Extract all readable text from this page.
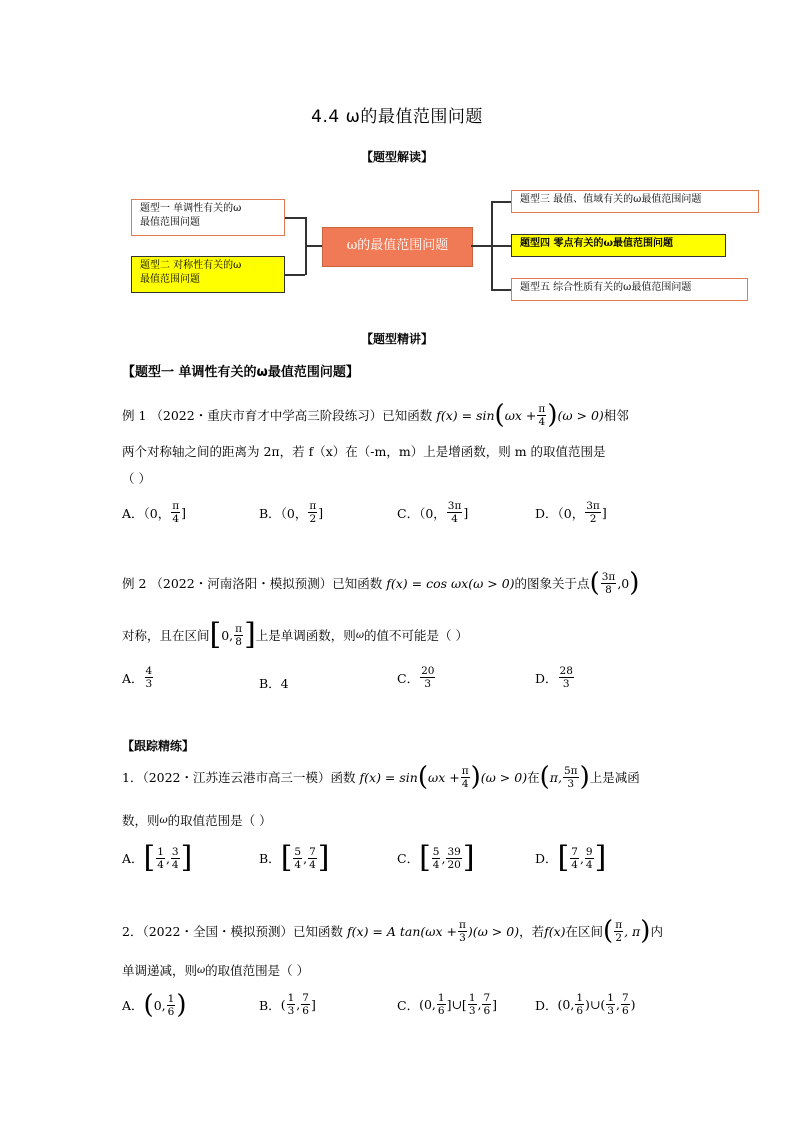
4.4 ω的最值范围问题
【题型解读】
题型一 单调性有关的ω
最值范围问题
题型二 对称性有关的ω
最值范围问题
ω的最值范围问题
题型三 最值、值域有关的ω最值范围问题
题型四 零点有关的ω最值范围问题
题型五 综合性质有关的ω最值范围问题
【题型精讲】
【题型一 单调性有关的ω最值范围问题】
例 1 （2022・重庆市育才中学高三阶段练习）已知函数 f(x) = sin ( $\omega x + \frac{\pi}{4}$ ) (ω > 0) 相邻
两个对称轴之间的距离为 2π，若 f（x）在（-m，m）上是增函数，则 m 的取值范围是
（ ）
A．（0， $\frac{\pi}{4}$ ]	B．（0， $\frac{\pi}{2}$ ]	C．（0， $\frac{3\pi}{4}$ ]	D．（0， $\frac{3\pi}{2}$ ]
例 2 （2022・河南洛阳・模拟预测）已知函数 f(x) = cos ωx(ω > 0) 的图象关于点 ( $\frac{3\pi}{8} ,0$ )
对称，且在区间 [ 0, $\frac{\pi}{8}$ ] 上是单调函数，则 ω 的值不可能是（ ）
A． $\frac{4}{3}$	B．4	C． $\frac{20}{3}$	D． $\frac{28}{3}$
【跟踪精练】
1．（2022・江苏连云港市高三一模）函数 f(x) = sin ( $\omega x + \frac{\pi}{4}$ ) (ω > 0) 在 ( π, $\frac{5\pi}{3}$ ) 上是减函
数，则 ω 的取值范围是（ ）
A． [ $\frac{1}{4}$ , $\frac{3}{4}$ ]	B． [ $\frac{5}{4}$ , $\frac{7}{4}$ ]	C． [ $\frac{5}{4}$ , $\frac{39}{20}$ ]	D． [ $\frac{7}{4}$ , $\frac{9}{4}$ ]
2．（2022・全国・模拟预测）已知函数 f(x) = A $\tan(\omega x + \frac{\pi}{3} )(\omega > 0)$ ，若 f(x) 在区间 ( $\frac{\pi}{2}$ , π ) 内
单调递减，则 ω 的取值范围是（ ）
A． ( 0, $\frac{1}{6}$ )	B． ( $\frac{1}{3}$ , $\frac{7}{6}$ ]	C． (0, $\frac{1}{6}$ ]∪[ $\frac{1}{3}$ , $\frac{7}{6}$ ]	D． (0, $\frac{1}{6}$ )∪( $\frac{1}{3}$ , $\frac{7}{6}$ )
